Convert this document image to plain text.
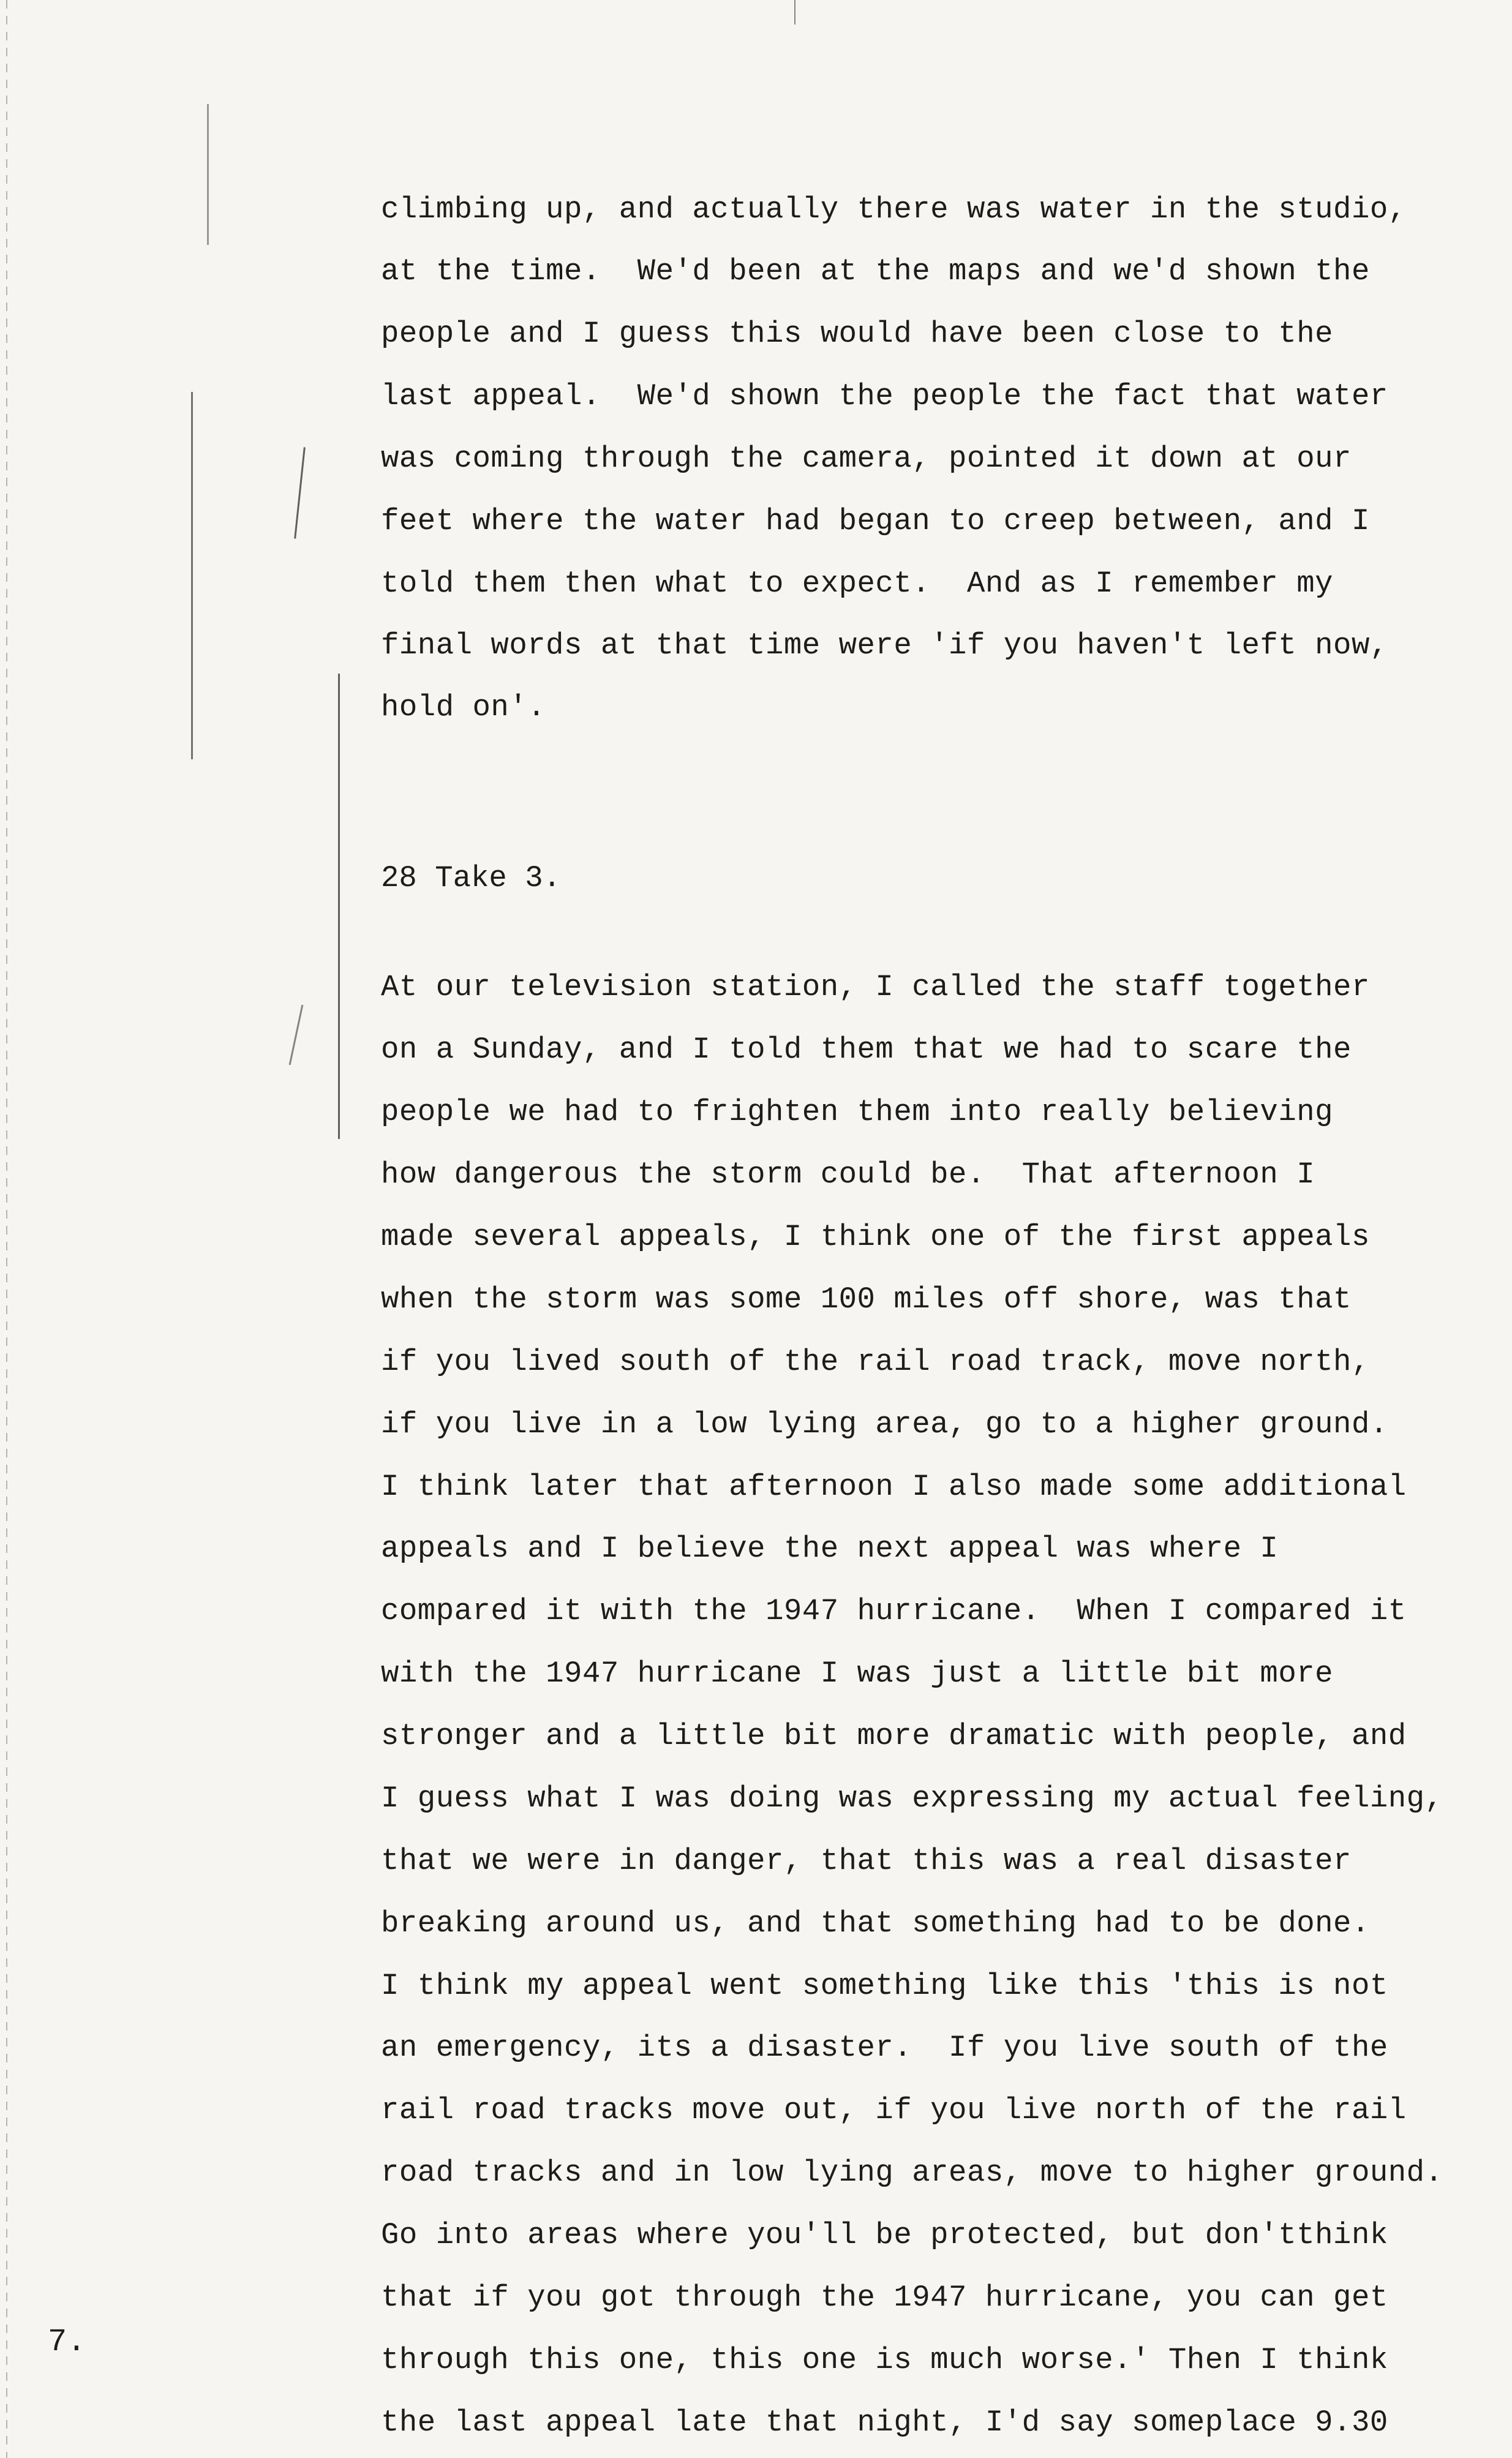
climbing up, and actually there was water in the studio,
at the time.  We'd been at the maps and we'd shown the
people and I guess this would have been close to the
last appeal.  We'd shown the people the fact that water
was coming through the camera, pointed it down at our
feet where the water had began to creep between, and I
told them then what to expect.  And as I remember my
final words at that time were 'if you haven't left now,
hold on'.
28 Take 3.
At our television station, I called the staff together
on a Sunday, and I told them that we had to scare the
people we had to frighten them into really believing
how dangerous the storm could be.  That afternoon I
made several appeals, I think one of the first appeals
when the storm was some 100 miles off shore, was that
if you lived south of the rail road track, move north,
if you live in a low lying area, go to a higher ground.
I think later that afternoon I also made some additional
appeals and I believe the next appeal was where I
compared it with the 1947 hurricane.  When I compared it
with the 1947 hurricane I was just a little bit more
stronger and a little bit more dramatic with people, and
I guess what I was doing was expressing my actual feeling,
that we were in danger, that this was a real disaster
breaking around us, and that something had to be done.
I think my appeal went something like this 'this is not
an emergency, its a disaster.  If you live south of the
rail road tracks move out, if you live north of the rail
road tracks and in low lying areas, move to higher ground.
Go into areas where you'll be protected, but don'tthink
that if you got through the 1947 hurricane, you can get
through this one, this one is much worse.' Then I think
the last appeal late that night, I'd say someplace 9.30
7.
